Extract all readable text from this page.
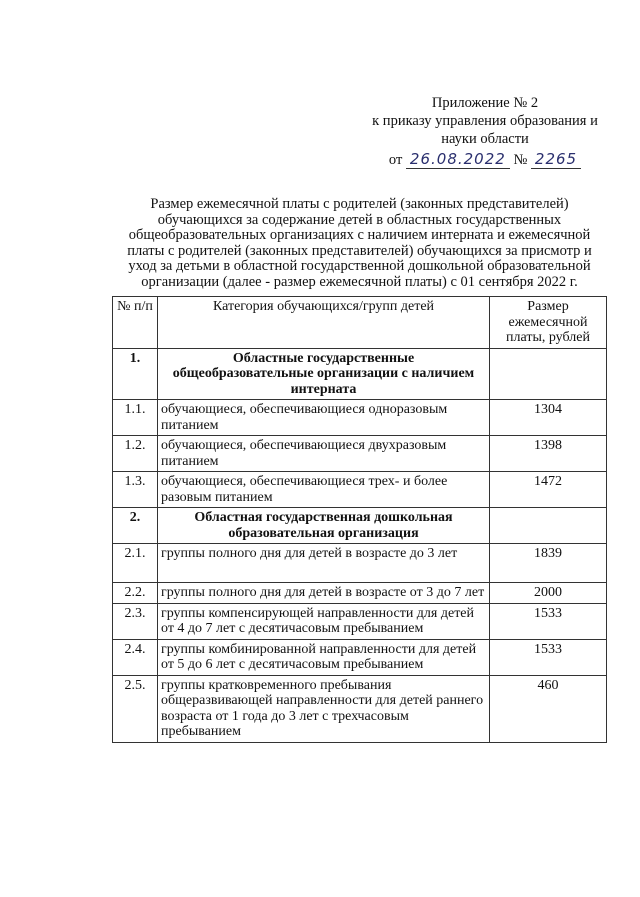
Приложение № 2
к приказу управления образования и
науки области
от 26.08.2022 № 2265
Размер ежемесячной платы с родителей (законных представителей) обучающихся за содержание детей в областных государственных общеобразовательных организациях с наличием интерната и ежемесячной платы с родителей (законных представителей) обучающихся за присмотр и уход за детьми в областной государственной дошкольной образовательной организации (далее - размер ежемесячной платы) с 01 сентября 2022 г.
№ п/п	Категория обучающихся/групп детей	Размер ежемесячной платы, рублей
1.	Областные государственные общеобразовательные организации с наличием интерната	
1.1.	обучающиеся, обеспечивающиеся одноразовым питанием	1304
1.2.	обучающиеся, обеспечивающиеся двухразовым питанием	1398
1.3.	обучающиеся, обеспечивающиеся трех- и более разовым питанием	1472
2.	Областная государственная дошкольная образовательная организация	
2.1.	группы полного дня для детей в возрасте до 3 лет	1839
2.2.	группы полного дня для детей в возрасте от 3 до 7 лет	2000
2.3.	группы компенсирующей направленности для детей от 4 до 7 лет с десятичасовым пребыванием	1533
2.4.	группы комбинированной направленности для детей от 5 до 6 лет с десятичасовым пребыванием	1533
2.5.	группы кратковременного пребывания общеразвивающей направленности для детей раннего возраста от 1 года до 3 лет с трехчасовым пребыванием	460
